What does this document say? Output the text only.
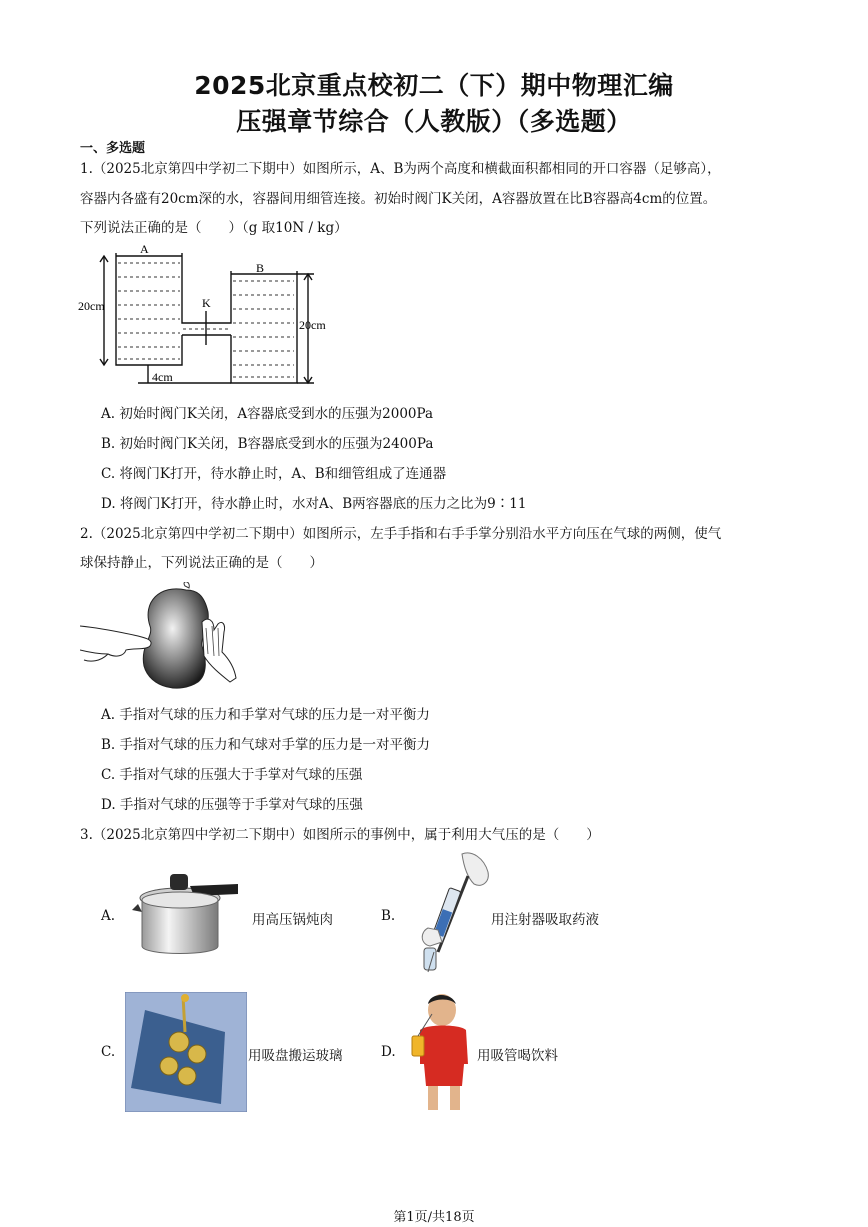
2025北京重点校初二（下）期中物理汇编
压强章节综合（人教版）（多选题）
一、多选题
1.（2025北京第四中学初二下期中）如图所示，A、B为两个高度和横截面积都相同的开口容器（足够高），
容器内各盛有20cm深的水，容器间用细管连接。初始时阀门K关闭，A容器放置在比B容器高4cm的位置。
下列说法正确的是（　　）（g 取10N / kg）
A
B
K
20cm
20cm
4cm
A. 初始时阀门K关闭，A容器底受到水的压强为2000Pa
B. 初始时阀门K关闭，B容器底受到水的压强为2400Pa
C. 将阀门K打开，待水静止时，A、B和细管组成了连通器
D. 将阀门K打开，待水静止时，水对A、B两容器底的压力之比为9∶11
2.（2025北京第四中学初二下期中）如图所示，左手手指和右手手掌分别沿水平方向压在气球的两侧，使气
球保持静止，下列说法正确的是（　　）
A. 手指对气球的压力和手掌对气球的压力是一对平衡力
B. 手指对气球的压力和气球对手掌的压力是一对平衡力
C. 手指对气球的压强大于手掌对气球的压强
D. 手指对气球的压强等于手掌对气球的压强
3.（2025北京第四中学初二下期中）如图所示的事例中，属于利用大气压的是（　　）
A.	用高压锅炖肉	B.	用注射器吸取药液
C.	用吸盘搬运玻璃	D.	用吸管喝饮料
第1页/共18页
